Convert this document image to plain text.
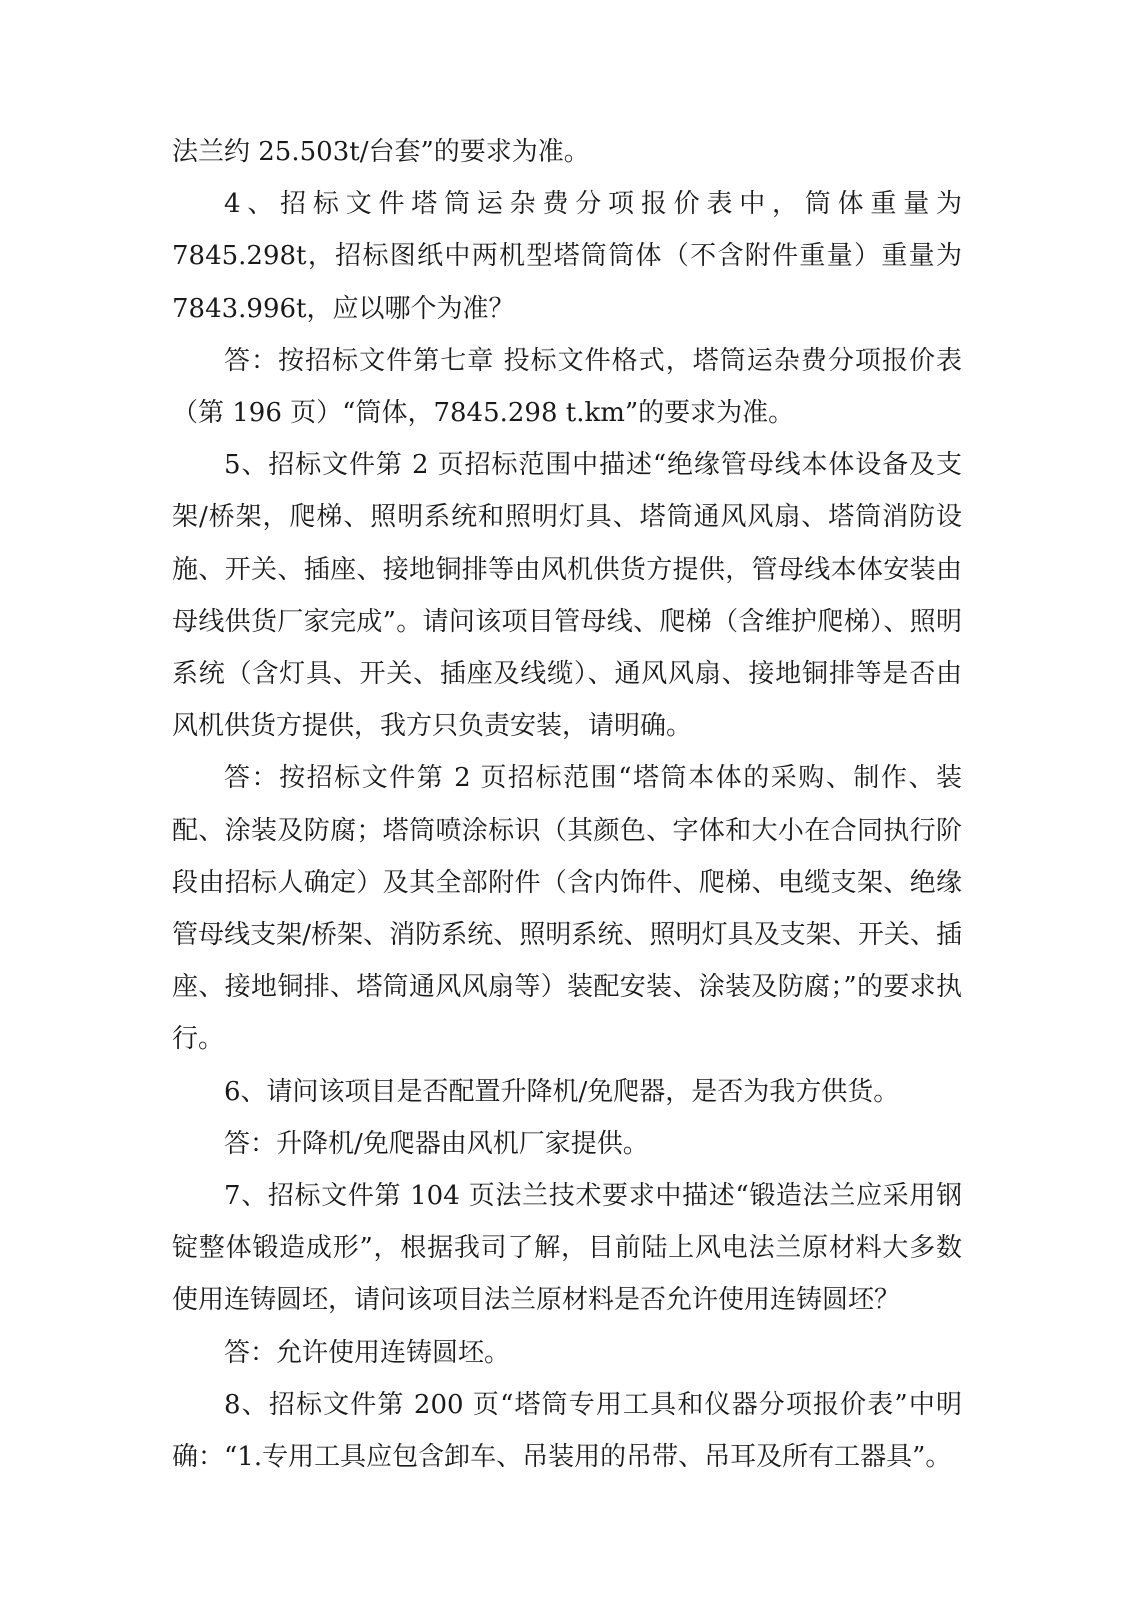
法兰约 25.503t/台套”的要求为准。

4、招标文件塔筒运杂费分项报价表中，筒体重量为 7845.298t，招标图纸中两机型塔筒筒体（不含附件重量）重量为 7843.996t，应以哪个为准？

答：按招标文件第七章 投标文件格式，塔筒运杂费分项报价表（第 196 页）“筒体，7845.298 t.km”的要求为准。

5、招标文件第 2 页招标范围中描述“绝缘管母线本体设备及支架/桥架，爬梯、照明系统和照明灯具、塔筒通风风扇、塔筒消防设施、开关、插座、接地铜排等由风机供货方提供，管母线本体安装由母线供货厂家完成”。请问该项目管母线、爬梯（含维护爬梯）、照明系统（含灯具、开关、插座及线缆）、通风风扇、接地铜排等是否由风机供货方提供，我方只负责安装，请明确。

答：按招标文件第 2 页招标范围“塔筒本体的采购、制作、装配、涂装及防腐；塔筒喷涂标识（其颜色、字体和大小在合同执行阶段由招标人确定）及其全部附件（含内饰件、爬梯、电缆支架、绝缘管母线支架/桥架、消防系统、照明系统、照明灯具及支架、开关、插座、接地铜排、塔筒通风风扇等）装配安装、涂装及防腐；”的要求执行。

6、请问该项目是否配置升降机/免爬器，是否为我方供货。

答：升降机/免爬器由风机厂家提供。

7、招标文件第 104 页法兰技术要求中描述“锻造法兰应采用钢锭整体锻造成形”，根据我司了解，目前陆上风电法兰原材料大多数使用连铸圆坯，请问该项目法兰原材料是否允许使用连铸圆坯？

答：允许使用连铸圆坯。

8、招标文件第 200 页“塔筒专用工具和仪器分项报价表”中明确：“1.专用工具应包含卸车、吊装用的吊带、吊耳及所有工器具”。
